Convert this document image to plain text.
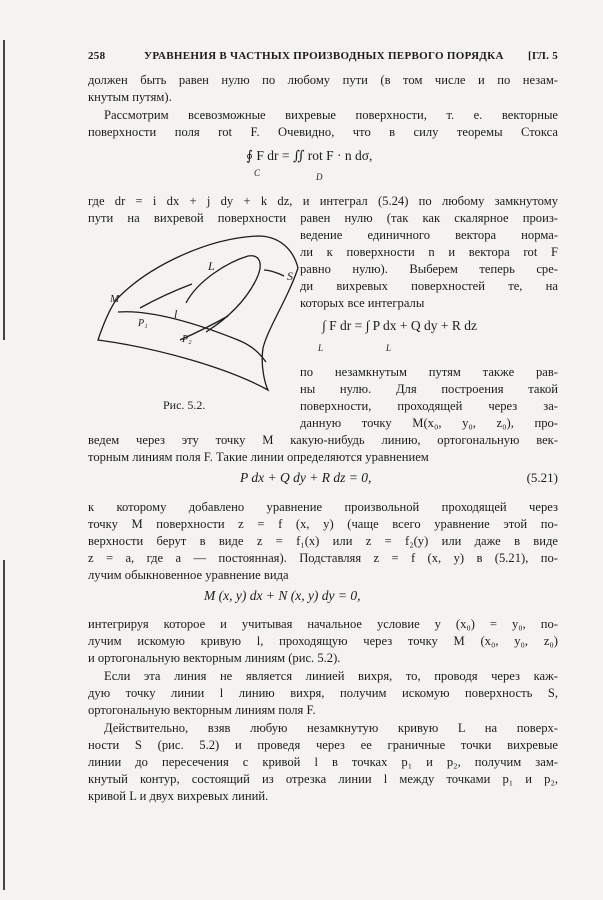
258	УРАВНЕНИЯ В ЧАСТНЫХ ПРОИЗВОДНЫХ ПЕРВОГО ПОРЯДКА [ГЛ. 5
должен быть равен нулю по любому пути (в том числе и по незам-
кнутым путям).
Рассмотрим всевозможные вихревые поверхности, т. е. векторные
поверхности поля rot F. Очевидно, что в силу теоремы Стокса
∮ F dr = ∬ rot F · n dσ,
C	D
где dr = i dx + j dy + k dz, и интеграл (5.24) по любому замкнутому
пути на вихревой поверхности равен нулю (так как скалярное произ-
ведение единичного вектора норма-
ли к поверхности n и вектора rot F
равно нулю). Выберем теперь сре-
ди вихревых поверхностей те, на
которых все интегралы
∫ F dr = ∫ P dx + Q dy + R dz
L	L
по незамкнутым путям также рав-
ны нулю. Для построения такой
поверхности, проходящей через за-
данную точку M(x₀, y₀, z₀), про-
L
S
M
l
P₁
P₂
Рис. 5.2.
ведем через эту точку M какую-нибудь линию, ортогональную век-
торным линиям поля F. Такие линии определяются уравнением
P dx + Q dy + R dz = 0,	(5.21)
к которому добавлено уравнение произвольной проходящей через
точку M поверхности z = f (x, y) (чаще всего уравнение этой по-
верхности берут в виде z = f₁(x) или z = f₂(y) или даже в виде
z = a, где a — постоянная). Подставляя z = f (x, y) в (5.21), по-
лучим обыкновенное уравнение вида
M (x, y) dx + N (x, y) dy = 0,
интегрируя которое и учитывая начальное условие y (x₀) = y₀, по-
лучим искомую кривую l, проходящую через точку M (x₀, y₀, z₀)
и ортогональную векторным линиям (рис. 5.2).
Если эта линия не является линией вихря, то, проводя через каж-
дую точку линии l линию вихря, получим искомую поверхность S,
ортогональную векторным линиям поля F.
Действительно, взяв любую незамкнутую кривую L на поверх-
ности S (рис. 5.2) и проведя через ее граничные точки вихревые
линии до пересечения с кривой l в точках p₁ и p₂, получим зам-
кнутый контур, состоящий из отрезка линии l между точками p₁ и p₂,
кривой L и двух вихревых линий.
